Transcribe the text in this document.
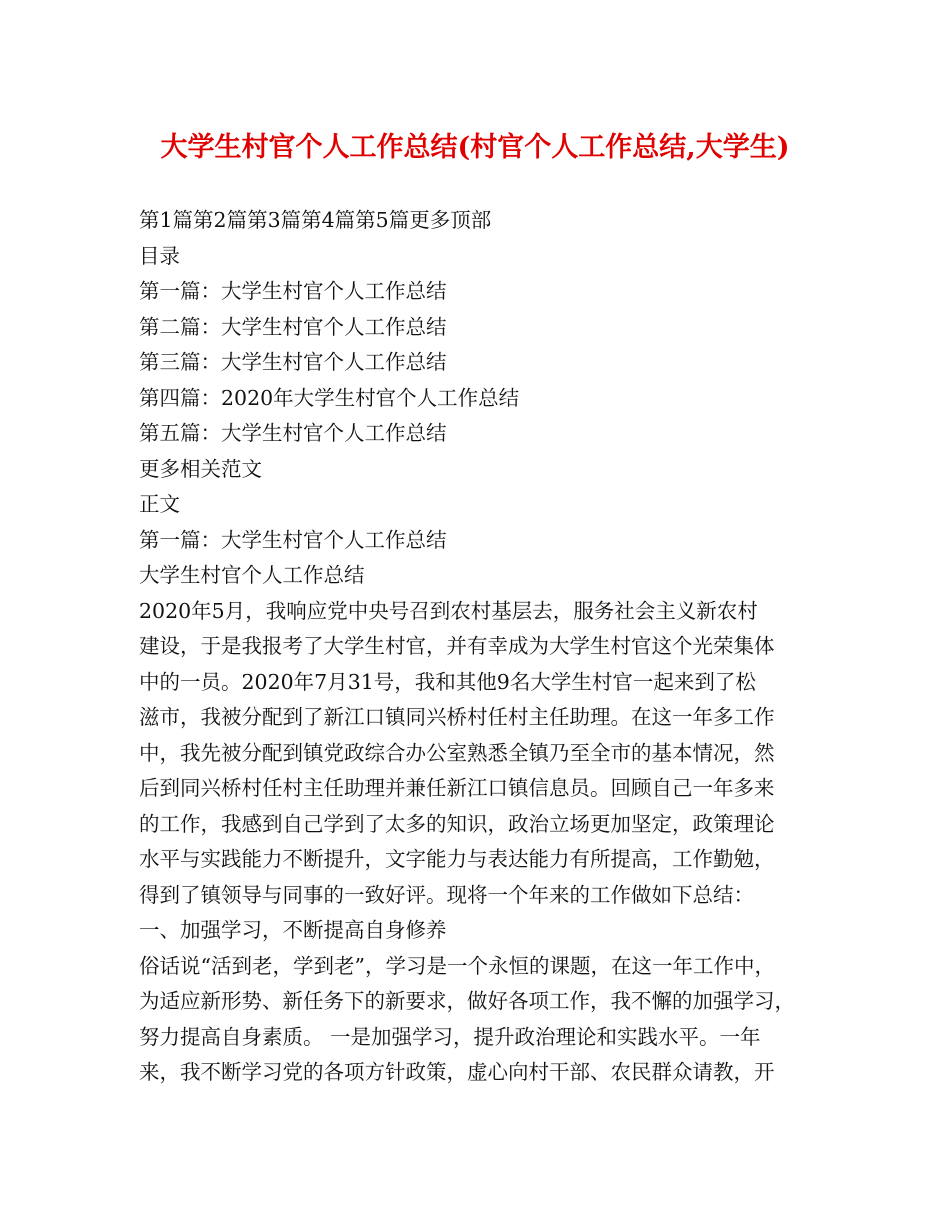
大学生村官个人工作总结(村官个人工作总结,大学生)
第1篇第2篇第3篇第4篇第5篇更多顶部
目录
第一篇：大学生村官个人工作总结
第二篇：大学生村官个人工作总结
第三篇：大学生村官个人工作总结
第四篇：2020年大学生村官个人工作总结
第五篇：大学生村官个人工作总结
更多相关范文
正文
第一篇：大学生村官个人工作总结
大学生村官个人工作总结
2020年5月，我响应党中央号召到农村基层去，服务社会主义新农村
建设，于是我报考了大学生村官，并有幸成为大学生村官这个光荣集体
中的一员。2020年7月31号，我和其他9名大学生村官一起来到了松
滋市，我被分配到了新江口镇同兴桥村任村主任助理。在这一年多工作
中，我先被分配到镇党政综合办公室熟悉全镇乃至全市的基本情况，然
后到同兴桥村任村主任助理并兼任新江口镇信息员。回顾自己一年多来
的工作，我感到自己学到了太多的知识，政治立场更加坚定，政策理论
水平与实践能力不断提升，文字能力与表达能力有所提高，工作勤勉，
得到了镇领导与同事的一致好评。现将一个年来的工作做如下总结：
一、加强学习，不断提高自身修养
俗话说“活到老，学到老”，学习是一个永恒的课题，在这一年工作中，
为适应新形势、新任务下的新要求，做好各项工作，我不懈的加强学习，
努力提高自身素质。 一是加强学习，提升政治理论和实践水平。一年
来，我不断学习党的各项方针政策，虚心向村干部、农民群众请教，开
